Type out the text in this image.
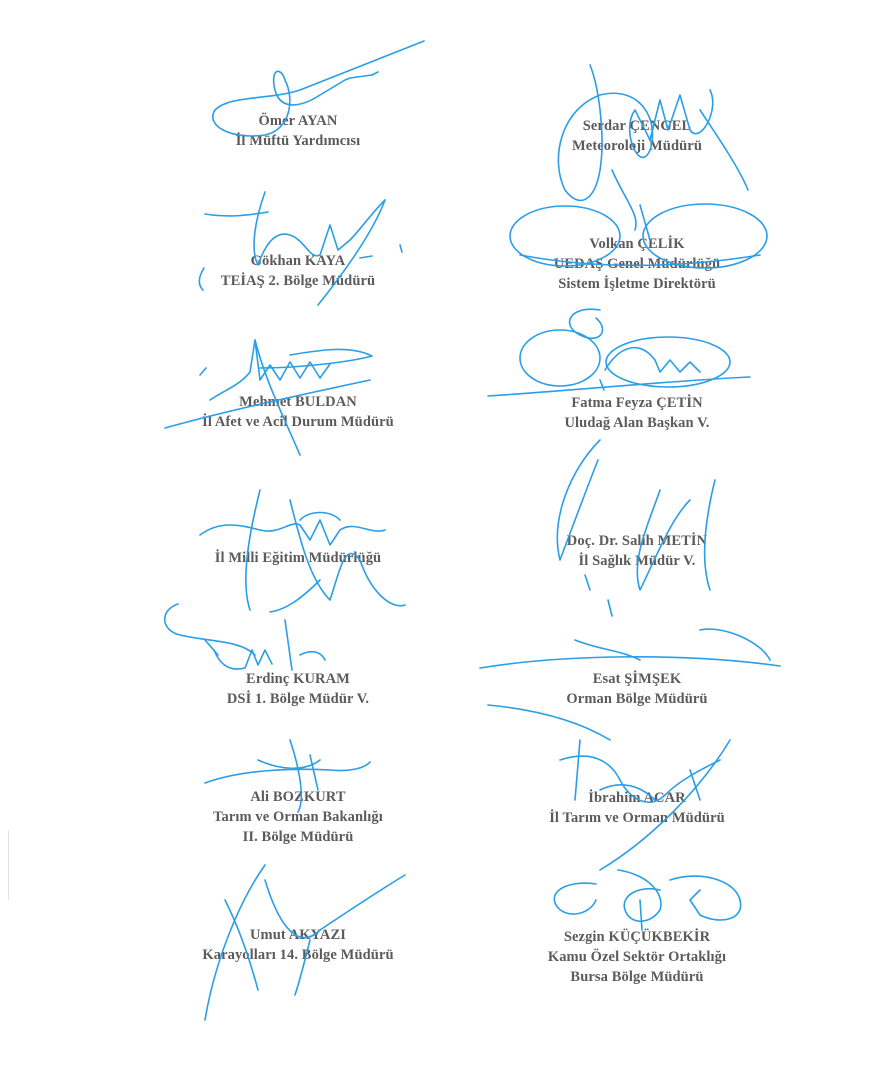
Ömer AYAN
İl Müftü Yardımcısı
Serdar ÇENGEL
Meteoroloji Müdürü
Gökhan KAYA
TEİAŞ 2. Bölge Müdürü
Volkan ÇELİK
UEDAŞ Genel Müdürlüğü
Sistem İşletme Direktörü
Mehmet BULDAN
İl Afet ve Acil Durum Müdürü
Fatma Feyza ÇETİN
Uludağ Alan Başkan V.
İl Milli Eğitim Müdürlüğü
Doç. Dr. Salih METİN
İl Sağlık Müdür V.
Erdinç KURAM
DSİ 1. Bölge Müdür V.
Esat ŞİMŞEK
Orman Bölge Müdürü
Ali BOZKURT
Tarım ve Orman Bakanlığı
II. Bölge Müdürü
İbrahim ACAR
İl Tarım ve Orman Müdürü
Umut AKYAZI
Karayolları 14. Bölge Müdürü
Sezgin KÜÇÜKBEKİR
Kamu Özel Sektör Ortaklığı
Bursa Bölge Müdürü
